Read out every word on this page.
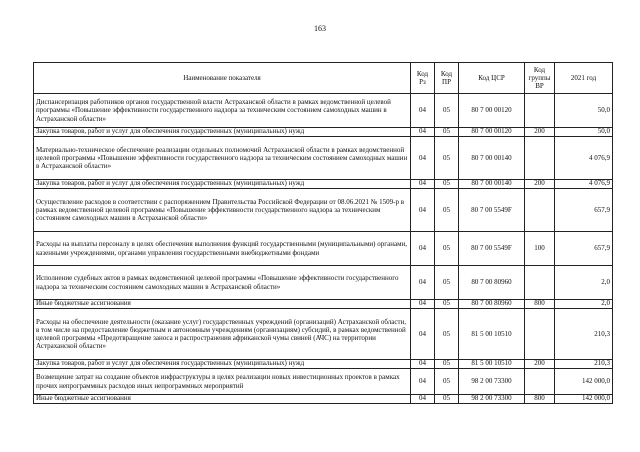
163
Наименование показателя	Код Рз	Код ПР	Код ЦСР	Код группы ВР	2021 год
Диспансеризация работников органов государственной власти Астраханской области в рамках ведомственной целевой программы «Повышение эффективности государственного надзора за техническим состоянием самоходных машин в Астраханской области»	04	05	80 7 00 00120		50,0
Закупка товаров, работ и услуг для обеспечения государственных (муниципальных) нужд	04	05	80 7 00 00120	200	50,0
Материально-техническое обеспечение реализации отдельных полномочий Астраханской области в рамках ведомственной целевой программы «Повышение эффективности государственного надзора за техническим состоянием самоходных машин в Астраханской области»	04	05	80 7 00 00140		4 076,9
Закупка товаров, работ и услуг для обеспечения государственных (муниципальных) нужд	04	05	80 7 00 00140	200	4 076,9
Осуществление расходов в соответствии с распоряжением Правительства Российской Федерации от 08.06.2021 № 1509-р в рамках ведомственной целевой программы «Повышение эффективности государственного надзора за техническим состоянием самоходных машин в Астраханской области»	04	05	80 7 00 5549F		657,9
Расходы на выплаты персоналу в целях обеспечения выполнения функций государственными (муниципальными) органами, казенными учреждениями, органами управления государственными внебюджетными фондами	04	05	80 7 00 5549F	100	657,9
Исполнение судебных актов в рамках ведомственной целевой программы «Повышение эффективности государственного надзора за техническим состоянием самоходных машин в Астраханской области»	04	05	80 7 00 80960		2,0
Иные бюджетные ассигнования	04	05	80 7 00 80960	800	2,0
Расходы на обеспечение деятельности (оказание услуг) государственных учреждений (организаций) Астраханской области, в том числе на предоставление бюджетным и автономным учреждениям (организациям) субсидий, в рамках ведомственной целевой программы «Предотвращение заноса и распространения африканской чумы свиней (АЧС) на территории Астраханской области»	04	05	81 5 00 10510		210,3
Закупка товаров, работ и услуг для обеспечения государственных (муниципальных) нужд	04	05	81 5 00 10510	200	210,3
Возмещение затрат на создание объектов инфраструктуры в целях реализации новых инвестиционных проектов в рамках прочих непрограммных расходов иных непрограммных мероприятий	04	05	98 2 00 73300		142 000,0
Иные бюджетные ассигнования	04	05	98 2 00 73300	800	142 000,0
